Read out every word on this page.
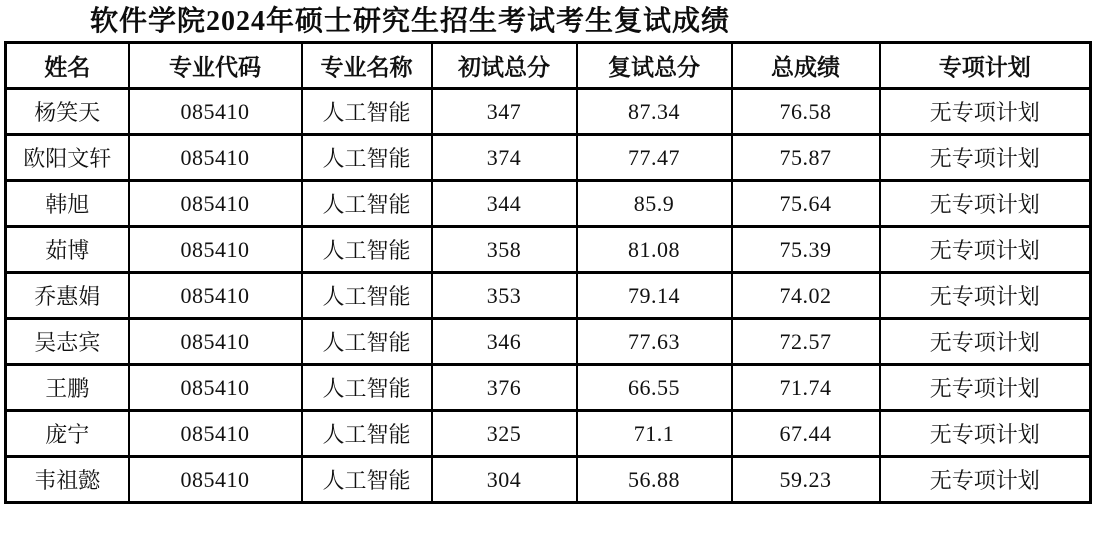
软件学院2024年硕士研究生招生考试考生复试成绩
姓名	专业代码	专业名称	初试总分	复试总分	总成绩	专项计划
杨笑天	085410	人工智能	347	87.34	76.58	无专项计划
欧阳文轩	085410	人工智能	374	77.47	75.87	无专项计划
韩旭	085410	人工智能	344	85.9	75.64	无专项计划
茹博	085410	人工智能	358	81.08	75.39	无专项计划
乔惠娟	085410	人工智能	353	79.14	74.02	无专项计划
吴志宾	085410	人工智能	346	77.63	72.57	无专项计划
王鹏	085410	人工智能	376	66.55	71.74	无专项计划
庞宁	085410	人工智能	325	71.1	67.44	无专项计划
韦祖懿	085410	人工智能	304	56.88	59.23	无专项计划
